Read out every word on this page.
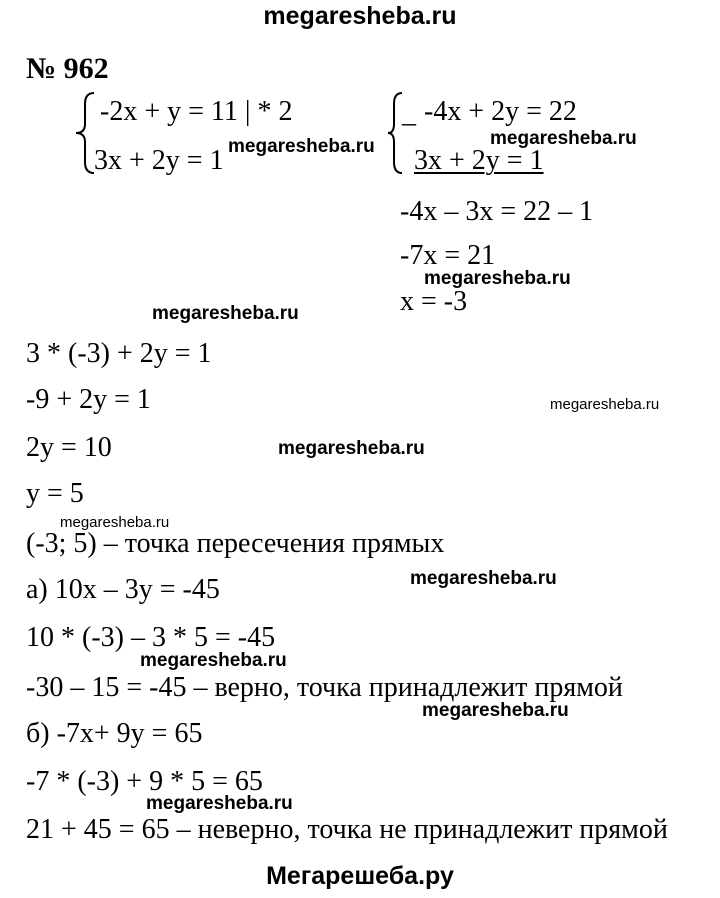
megaresheba.ru
№ 962
-2x + y = 11 | * 2
3x + 2y = 1
_ -4x + 2y = 22
3x + 2y = 1
-4x – 3x = 22 – 1
-7x = 21
x = -3
3 * (-3) + 2y = 1
-9 + 2y = 1
2y = 10
y = 5
(-3; 5) – точка пересечения прямых
а) 10x – 3y = -45
10 * (-3) – 3 * 5 = -45
-30 – 15 = -45 – верно, точка принадлежит прямой
б) -7x+ 9y = 65
-7 * (-3) + 9 * 5 = 65
21 + 45 = 65 – неверно, точка не принадлежит прямой
megaresheba.ru	megaresheba.ru
megaresheba.ru
megaresheba.ru
megaresheba.ru
megaresheba.ru
megaresheba.ru
megaresheba.ru
megaresheba.ru
megaresheba.ru
megaresheba.ru
Мегарешеба.ру
